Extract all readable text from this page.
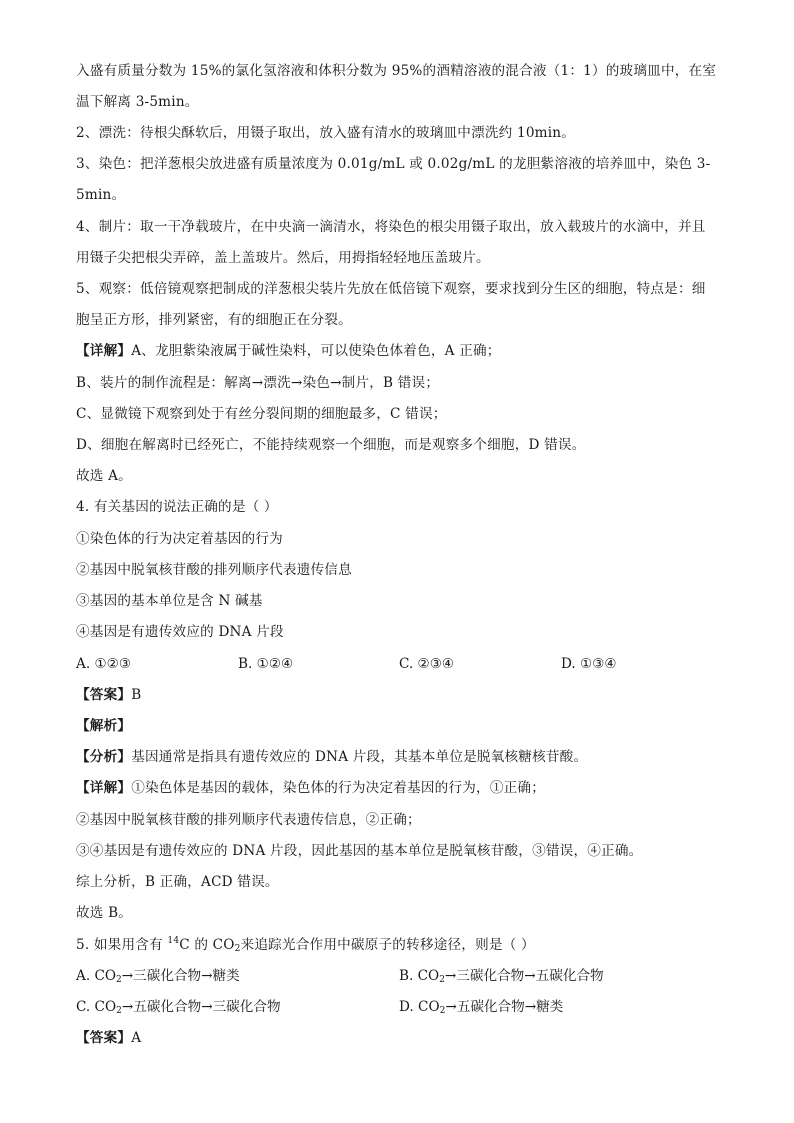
入盛有质量分数为 15%的氯化氢溶液和体积分数为 95%的酒精溶液的混合液（1：1）的玻璃皿中，在室
温下解离 3-5min。
2、漂洗：待根尖酥软后，用镊子取出，放入盛有清水的玻璃皿中漂洗约 10min。
3、染色：把洋葱根尖放进盛有质量浓度为 0.01g/mL 或 0.02g/mL 的龙胆紫溶液的培养皿中，染色 3-
5min。
4、制片：取一干净载玻片，在中央滴一滴清水，将染色的根尖用镊子取出，放入载玻片的水滴中，并且
用镊子尖把根尖弄碎，盖上盖玻片。然后，用拇指轻轻地压盖玻片。
5、观察：低倍镜观察把制成的洋葱根尖装片先放在低倍镜下观察，要求找到分生区的细胞，特点是：细
胞呈正方形，排列紧密，有的细胞正在分裂。
【详解】A、龙胆紫染液属于碱性染料，可以使染色体着色，A 正确；
B、装片的制作流程是：解离→漂洗→染色→制片，B 错误；
C、显微镜下观察到处于有丝分裂间期的细胞最多，C 错误；
D、细胞在解离时已经死亡，不能持续观察一个细胞，而是观察多个细胞，D 错误。
故选 A。
4. 有关基因的说法正确的是（ ）
①染色体的行为决定着基因的行为
②基因中脱氧核苷酸的排列顺序代表遗传信息
③基因的基本单位是含 N 碱基
④基因是有遗传效应的 DNA 片段
A. ①②③	B. ①②④	C. ②③④	D. ①③④
【答案】B
【解析】
【分析】基因通常是指具有遗传效应的 DNA 片段，其基本单位是脱氧核糖核苷酸。
【详解】①染色体是基因的载体，染色体的行为决定着基因的行为，①正确；
②基因中脱氧核苷酸的排列顺序代表遗传信息，②正确；
③④基因是有遗传效应的 DNA 片段，因此基因的基本单位是脱氧核苷酸，③错误，④正确。
综上分析，B 正确，ACD 错误。
故选 B。
5. 如果用含有 $^{14}$C 的 $CO_2$来追踪光合作用中碳原子的转移途径，则是（ ）
A. $CO_2\to$三碳化合物→糖类	B. $CO_2\to$三碳化合物→五碳化合物
C. $CO_2\to$五碳化合物→三碳化合物	D. $CO_2\to$五碳化合物→糖类
【答案】A
